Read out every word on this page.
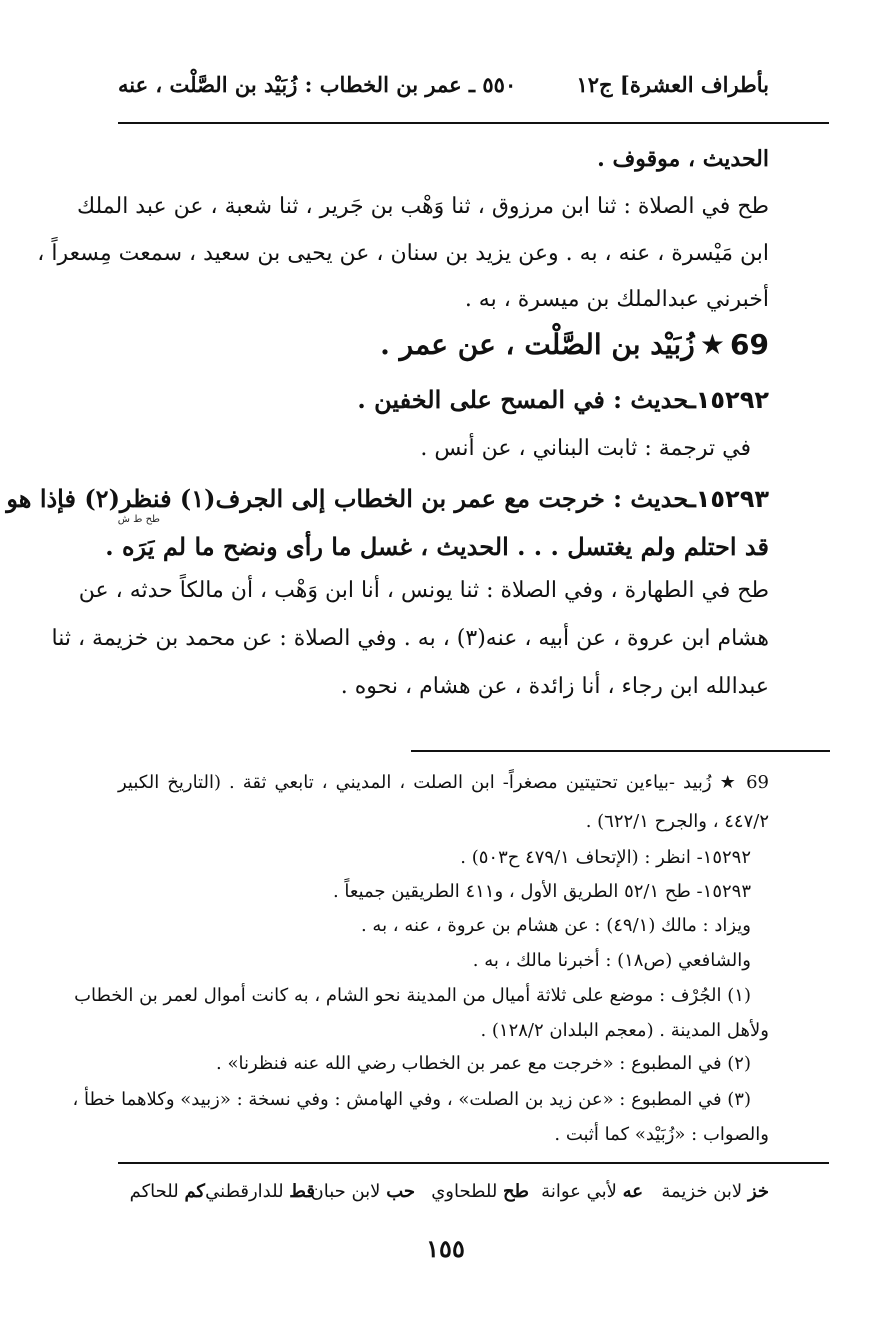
بأطراف العشرة] ج١٢
٥٥٠ ـ عمر بن الخطاب : زُبَيْد بن الصَّلْت ، عنه
الحديث ، موقوف .
طح في الصلاة : ثنا ابن مرزوق ، ثنا وَهْب بن جَرير ، ثنا شعبة ، عن عبد الملك
ابن مَيْسرة ، عنه ، به . وعن يزيد بن سنان ، عن يحيى بن سعيد ، سمعت مِسعراً ،
أخبرني عبدالملك بن ميسرة ، به .
69 ★ زُبَيْد بن الصَّلْت ، عن عمر .
١٥٢٩٢ـحديث : في المسح على الخفين .
في ترجمة : ثابت البناني ، عن أنس .
١٥٢٩٣ـحديث : خرجت مع عمر بن الخطاب إلى الجرف(١) فنظر(٢) فإذا هو
طح ط ش
قد احتلم ولم يغتسل . . . الحديث ، غسل ما رأى ونضح ما لم يَرَه .
طح في الطهارة ، وفي الصلاة : ثنا يونس ، أنا ابن وَهْب ، أن مالكاً حدثه ، عن
هشام ابن عروة ، عن أبيه ، عنه(٣) ، به . وفي الصلاة : عن محمد بن خزيمة ، ثنا
عبدالله ابن رجاء ، أنا زائدة ، عن هشام ، نحوه .
69 ★ زُبيد -بياءين تحتيتين مصغراً- ابن الصلت ، المديني ، تابعي ثقة . (التاريخ الكبير
٤٤٧/٢ ، والجرح ٦٢٢/١) .
١٥٢٩٢- انظر : (الإتحاف ٤٧٩/١ ح٥٠٣) .
١٥٢٩٣- طح ٥٢/١ الطريق الأول ، و٤١١ الطريقين جميعاً .
ويزاد : مالك (٤٩/١) : عن هشام بن عروة ، عنه ، به .
والشافعي (ص١٨) : أخبرنا مالك ، به .
(١) الجُرْف : موضع على ثلاثة أميال من المدينة نحو الشام ، به كانت أموال لعمر بن الخطاب
ولأهل المدينة . (معجم البلدان ١٢٨/٢) .
(٢) في المطبوع : «خرجت مع عمر بن الخطاب رضي الله عنه فنظرنا» .
(٣) في المطبوع : «عن زيد بن الصلت» ، وفي الهامش : وفي نسخة : «زبيد» وكلاهما خطأ ،
والصواب : «زُبَيْد» كما أثبت .
خز لابن خزيمة
عه لأبي عوانة
طح للطحاوي
حب لابن حبان
قط للدارقطني
كم للحاكم
١٥٥
